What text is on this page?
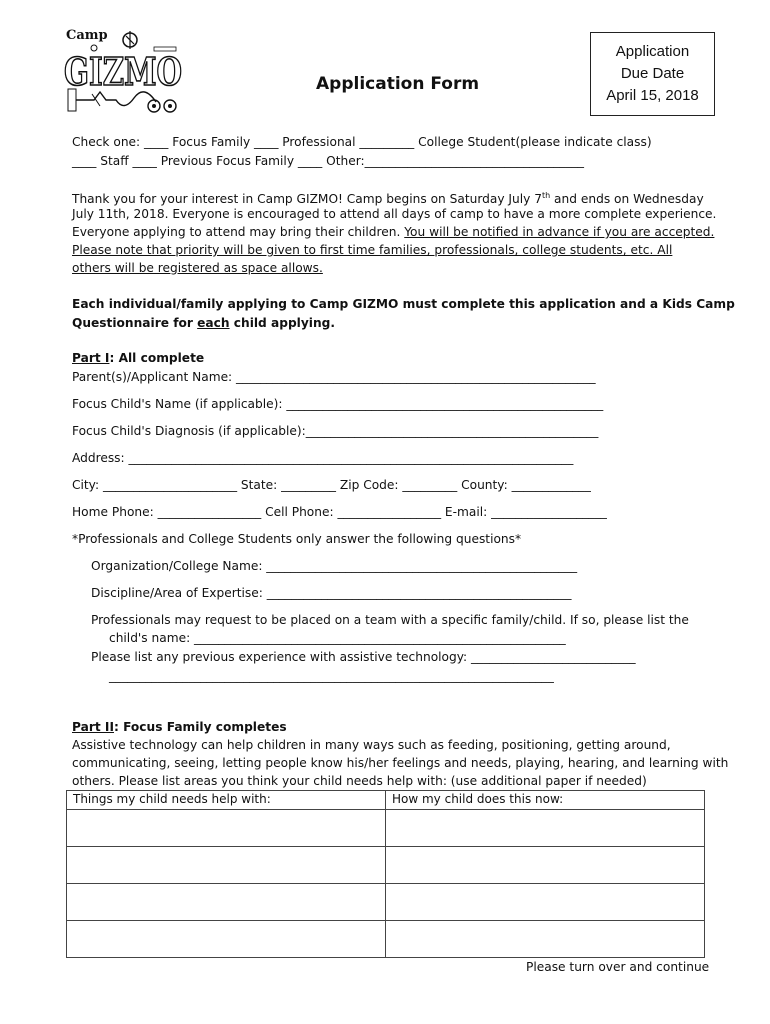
Camp
GIZMO	Application Form
Application
Due Date
April 15, 2018
Check one: ____ Focus Family ____ Professional _________ College Student(please indicate class)
____ Staff ____ Previous Focus Family ____ Other:____________________________________
Thank you for your interest in Camp GIZMO! Camp begins on Saturday July 7th and ends on Wednesday
July 11th, 2018. Everyone is encouraged to attend all days of camp to have a more complete experience.
Everyone applying to attend may bring their children. You will be notified in advance if you are accepted.
Please note that priority will be given to first time families, professionals, college students, etc. All
others will be registered as space allows.
Each individual/family applying to Camp GIZMO must complete this application and a Kids Camp
Questionnaire for each child applying.
Part I: All complete
Parent(s)/Applicant Name: ___________________________________________________________
Focus Child's Name (if applicable): ____________________________________________________
Focus Child's Diagnosis (if applicable):________________________________________________
Address: _________________________________________________________________________
City: ______________________ State: _________ Zip Code: _________ County: _____________
Home Phone: _________________ Cell Phone: _________________ E-mail: ___________________
*Professionals and College Students only answer the following questions*
Organization/College Name: ___________________________________________________
Discipline/Area of Expertise: __________________________________________________
Professionals may request to be placed on a team with a specific family/child. If so, please list the
child's name: _____________________________________________________________
Please list any previous experience with assistive technology: ___________________________
_________________________________________________________________________
Part II: Focus Family completes
Assistive technology can help children in many ways such as feeding, positioning, getting around,
communicating, seeing, letting people know his/her feelings and needs, playing, hearing, and learning with
others. Please list areas you think your child needs help with: (use additional paper if needed)
Things my child needs help with:	How my child does this now:

Please turn over and continue
